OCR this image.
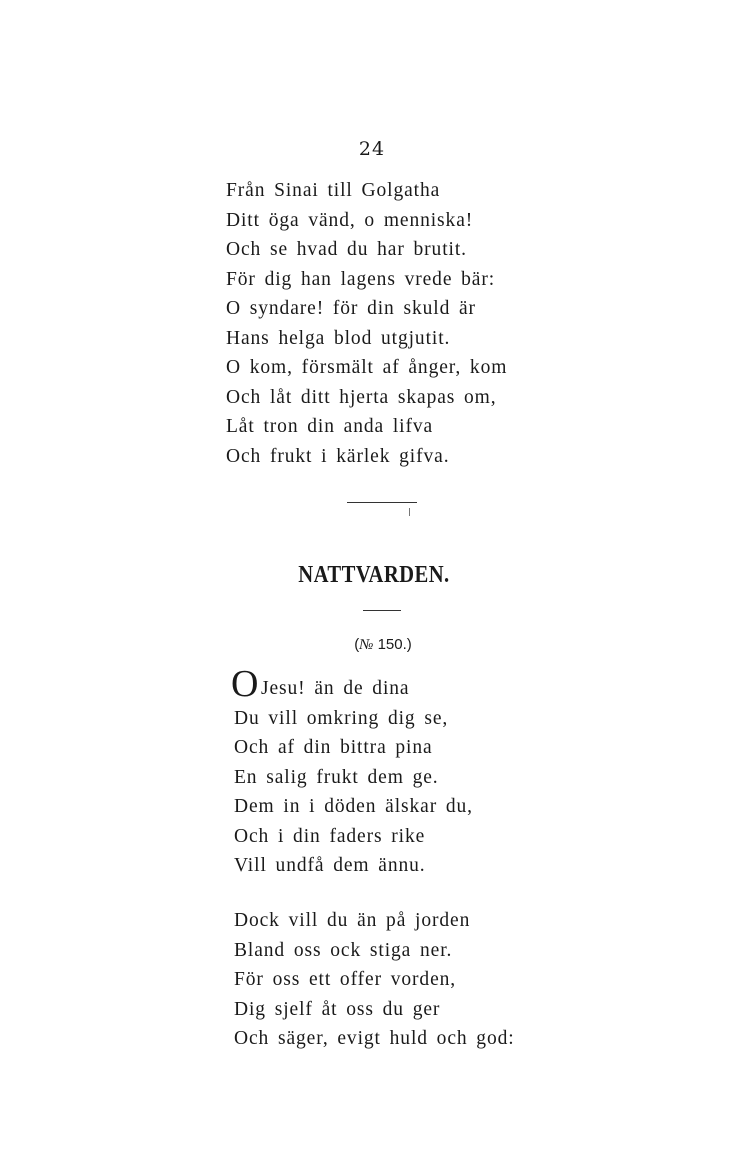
24
Från Sinai till Golgatha
Ditt öga vänd, o menniska!
Och se hvad du har brutit.
För dig han lagens vrede bär:
O syndare! för din skuld är
Hans helga blod utgjutit.
O kom, försmält af ånger, kom
Och låt ditt hjerta skapas om,
Låt tron din anda lifva
Och frukt i kärlek gifva.
NATTVARDEN.
(№ 150.)
O Jesu! än de dina
Du vill omkring dig se,
Och af din bittra pina
En salig frukt dem ge.
Dem in i döden älskar du,
Och i din faders rike
Vill undfå dem ännu.
Dock vill du än på jorden
Bland oss ock stiga ner.
För oss ett offer vorden,
Dig sjelf åt oss du ger
Och säger, evigt huld och god:
